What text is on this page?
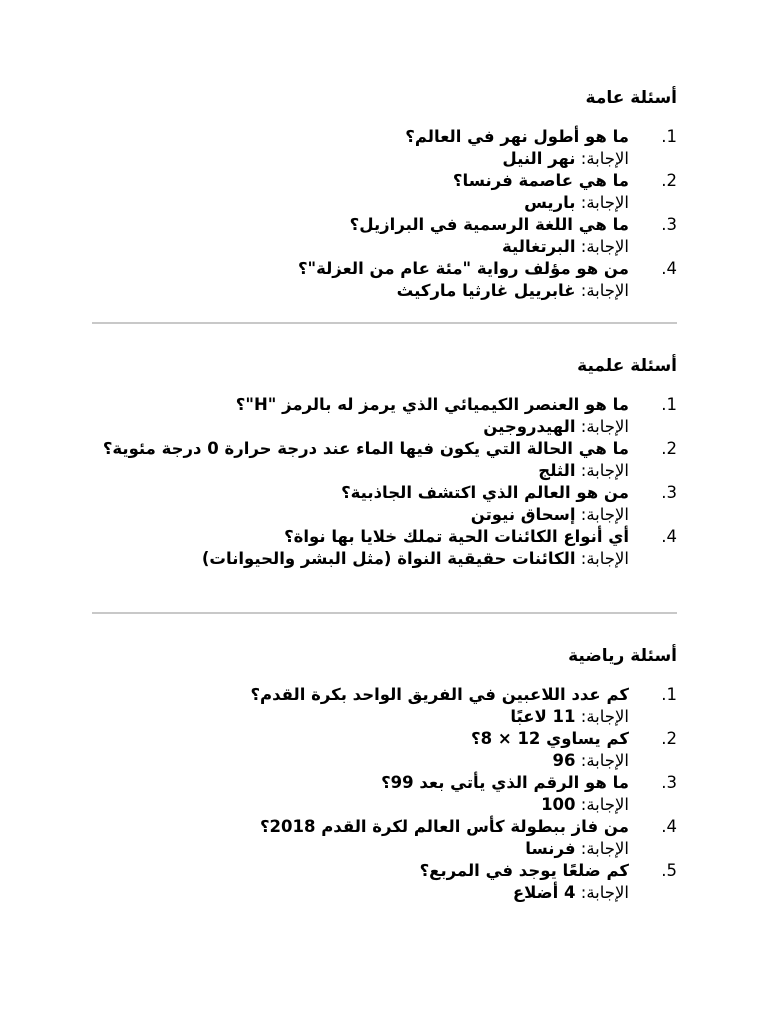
أسئلة عامة
1.
ما هو أطول نهر في العالم؟
الإجابة: نهر النيل
2.
ما هي عاصمة فرنسا؟
الإجابة: باريس
3.
ما هي اللغة الرسمية في البرازيل؟
الإجابة: البرتغالية
4.
من هو مؤلف رواية "مئة عام من العزلة"؟
الإجابة: غابرييل غارثيا ماركيث
أسئلة علمية
1.
ما هو العنصر الكيميائي الذي يرمز له بالرمز "H"؟
الإجابة: الهيدروجين
2.
ما هي الحالة التي يكون فيها الماء عند درجة حرارة 0 درجة مئوية؟
الإجابة: الثلج
3.
من هو العالم الذي اكتشف الجاذبية؟
الإجابة: إسحاق نيوتن
4.
أي أنواع الكائنات الحية تملك خلايا بها نواة؟
الإجابة: الكائنات حقيقية النواة (مثل البشر والحيوانات)
أسئلة رياضية
1.
كم عدد اللاعبين في الفريق الواحد بكرة القدم؟
الإجابة: 11 لاعبًا
2.
كم يساوي 12 × 8؟
الإجابة: 96
3.
ما هو الرقم الذي يأتي بعد 99؟
الإجابة: 100
4.
من فاز ببطولة كأس العالم لكرة القدم 2018؟
الإجابة: فرنسا
5.
كم ضلعًا يوجد في المربع؟
الإجابة: 4 أضلاع
